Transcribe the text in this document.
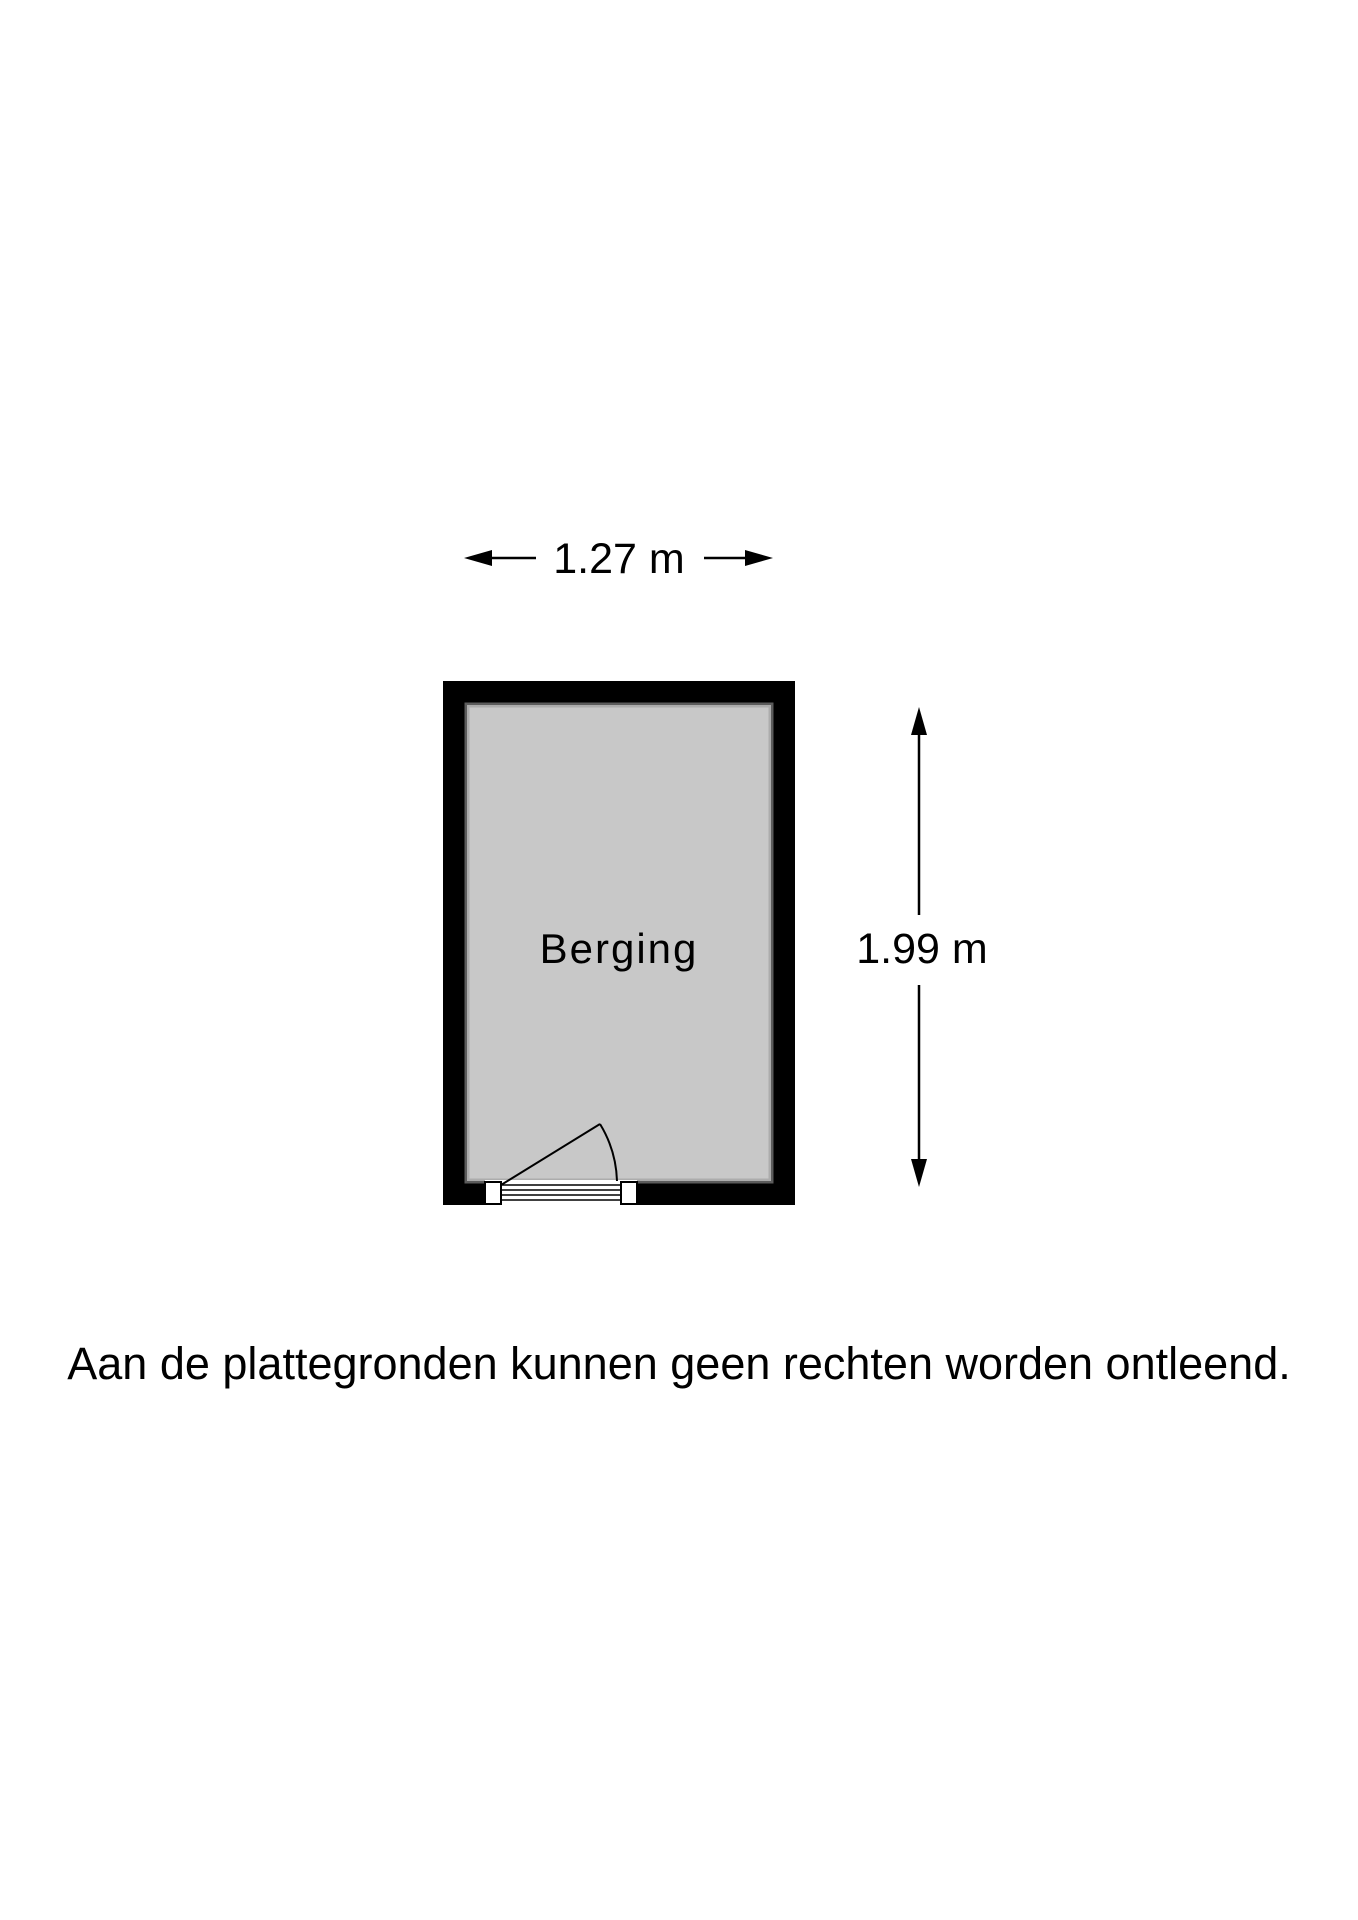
Berging
1.27 m
1.99 m
Aan de plattegronden kunnen geen rechten worden ontleend.
